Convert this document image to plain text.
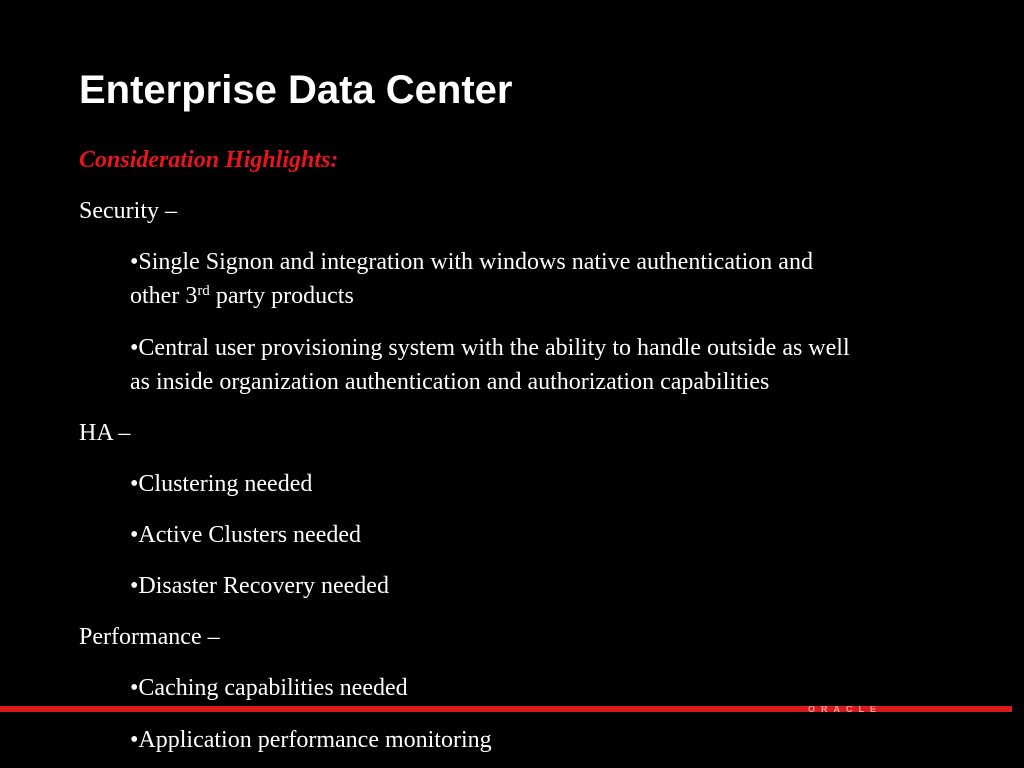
Enterprise Data Center
Consideration Highlights:
Security –
•Single Signon and integration with windows native authentication and
other 3rd party products
•Central user provisioning system with the ability to handle outside as well
as inside organization authentication and authorization capabilities
HA –
•Clustering needed
•Active Clusters needed
•Disaster Recovery needed
Performance –
•Caching capabilities needed
ORACLE
•Application performance monitoring
